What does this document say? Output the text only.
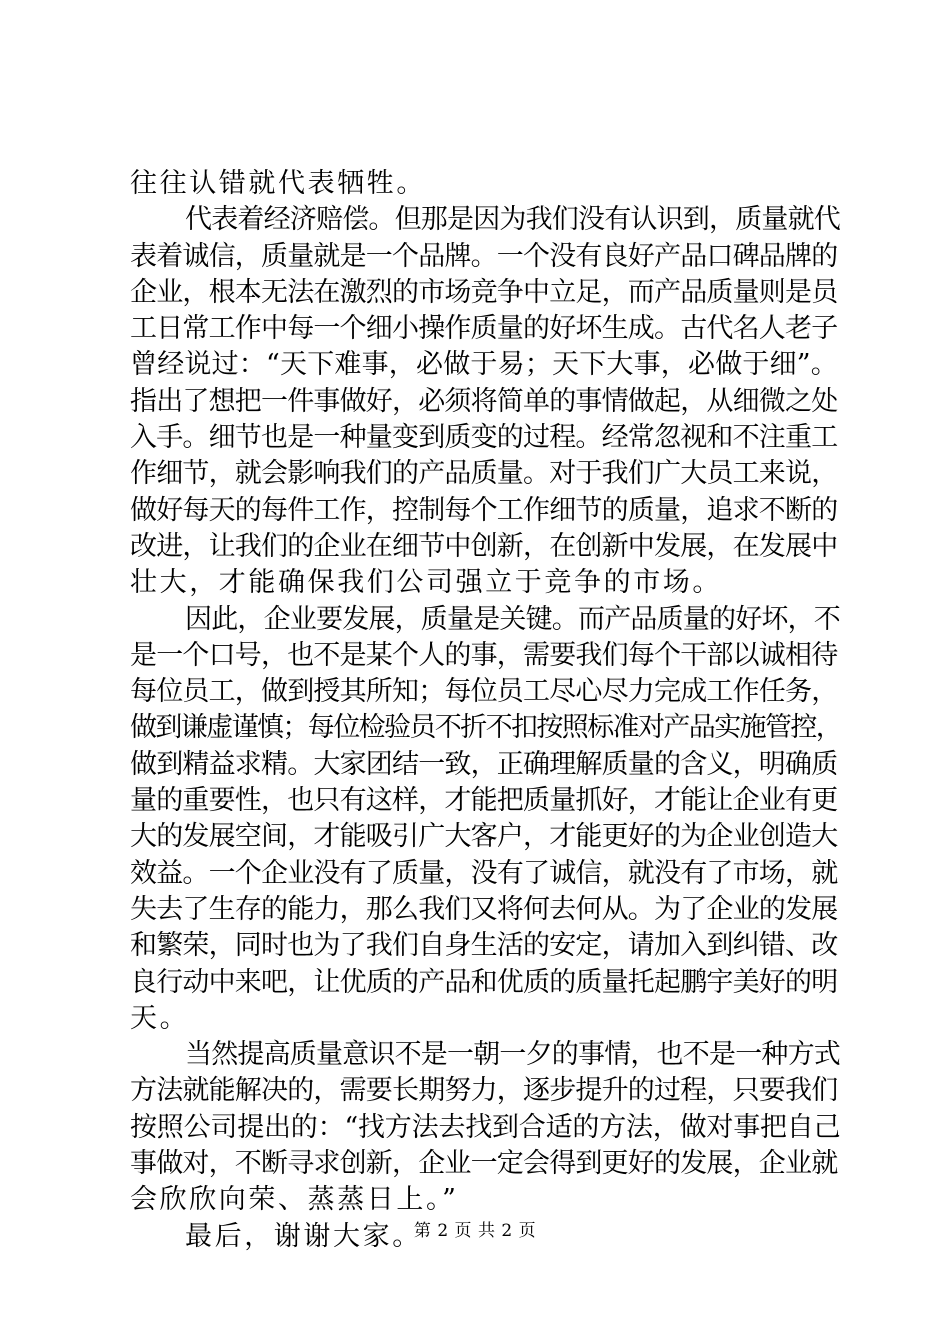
往往认错就代表牺牲。
代表着经济赔偿。但那是因为我们没有认识到，质量就代
表着诚信，质量就是一个品牌。一个没有良好产品口碑品牌的
企业，根本无法在激烈的市场竞争中立足，而产品质量则是员
工日常工作中每一个细小操作质量的好坏生成。古代名人老子
曾经说过：“天下难事，必做于易；天下大事，必做于细”。
指出了想把一件事做好，必须将简单的事情做起，从细微之处
入手。细节也是一种量变到质变的过程。经常忽视和不注重工
作细节，就会影响我们的产品质量。对于我们广大员工来说，
做好每天的每件工作，控制每个工作细节的质量，追求不断的
改进，让我们的企业在细节中创新，在创新中发展，在发展中
壮大，才能确保我们公司强立于竞争的市场。
因此，企业要发展，质量是关键。而产品质量的好坏，不
是一个口号，也不是某个人的事，需要我们每个干部以诚相待
每位员工，做到授其所知；每位员工尽心尽力完成工作任务，
做到谦虚谨慎；每位检验员不折不扣按照标准对产品实施管控，
做到精益求精。大家团结一致，正确理解质量的含义，明确质
量的重要性，也只有这样，才能把质量抓好，才能让企业有更
大的发展空间，才能吸引广大客户，才能更好的为企业创造大
效益。一个企业没有了质量，没有了诚信，就没有了市场，就
失去了生存的能力，那么我们又将何去何从。为了企业的发展
和繁荣，同时也为了我们自身生活的安定，请加入到纠错、改
良行动中来吧，让优质的产品和优质的质量托起鹏宇美好的明
天。
当然提高质量意识不是一朝一夕的事情，也不是一种方式
方法就能解决的，需要长期努力，逐步提升的过程，只要我们
按照公司提出的：“找方法去找到合适的方法，做对事把自己
事做对，不断寻求创新，企业一定会得到更好的发展，企业就
会欣欣向荣、蒸蒸日上。”
最后，谢谢大家。
第 2 页 共 2 页
